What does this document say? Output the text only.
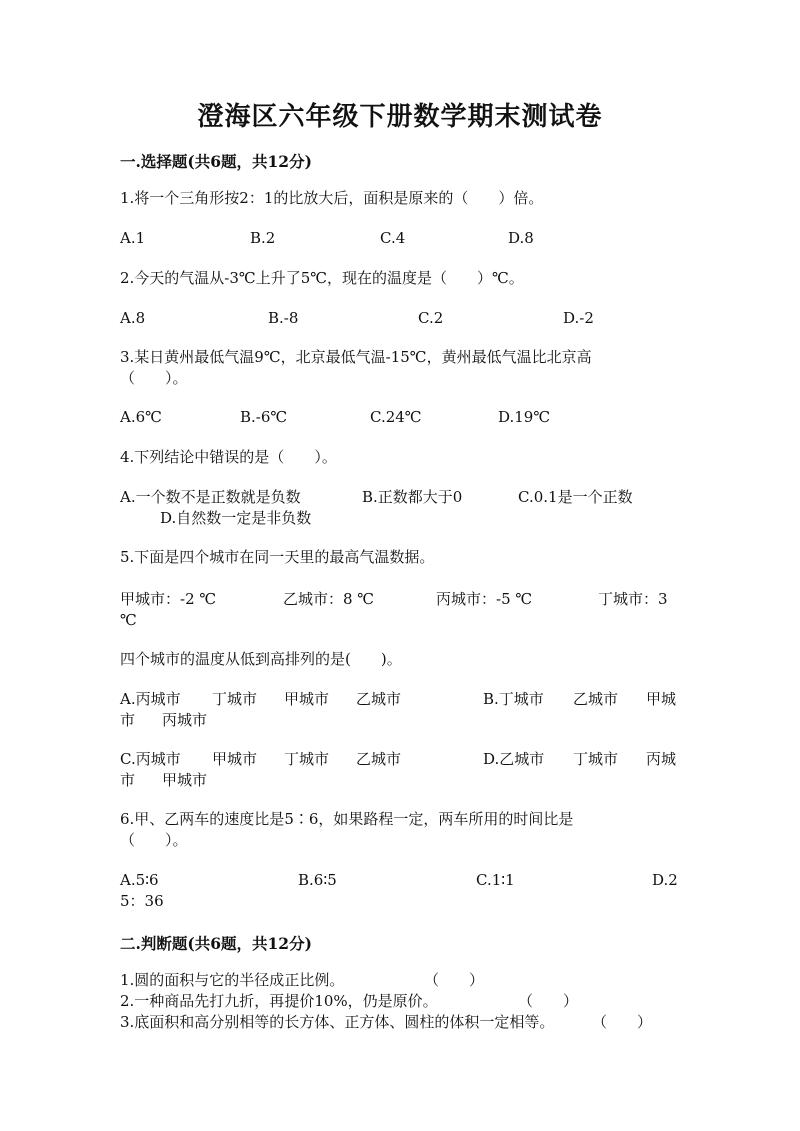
澄海区六年级下册数学期末测试卷
一.选择题(共6题，共12分)
1.将一个三角形按2：1的比放大后，面积是原来的（　　）倍。
A.1	B.2	C.4	D.8
2.今天的气温从-3℃上升了5℃，现在的温度是（　　）℃。
A.8	B.-8	C.2	D.-2
3.某日黄州最低气温9℃，北京最低气温-15℃，黄州最低气温比北京高
（　　）。
A.6℃	B.-6℃	C.24℃	D.19℃
4.下列结论中错误的是（　　）。
A.一个数不是正数就是负数	B.正数都大于0	C.0.1是一个正数
D.自然数一定是非负数
5.下面是四个城市在同一天里的最高气温数据。
甲城市：-2 ℃	乙城市：8 ℃	丙城市：-5 ℃	丁城市：3
℃
四个城市的温度从低到高排列的是(　　)。
A.丙城市 丁城市 甲城市 乙城市	B.丁城市 乙城市 甲城
市 丙城市
C.丙城市 甲城市 丁城市 乙城市	D.乙城市 丁城市 丙城
市 甲城市
6.甲、乙两车的速度比是5∶6，如果路程一定，两车所用的时间比是
（　　）。
A.5∶6	B.6∶5	C.1∶1	D.2
5：36
二.判断题(共6题，共12分)
1.圆的面积与它的半径成正比例。	（　　）
2.一种商品先打九折，再提价10%，仍是原价。	（　　）
3.底面积和高分别相等的长方体、正方体、圆柱的体积一定相等。	（　　）
